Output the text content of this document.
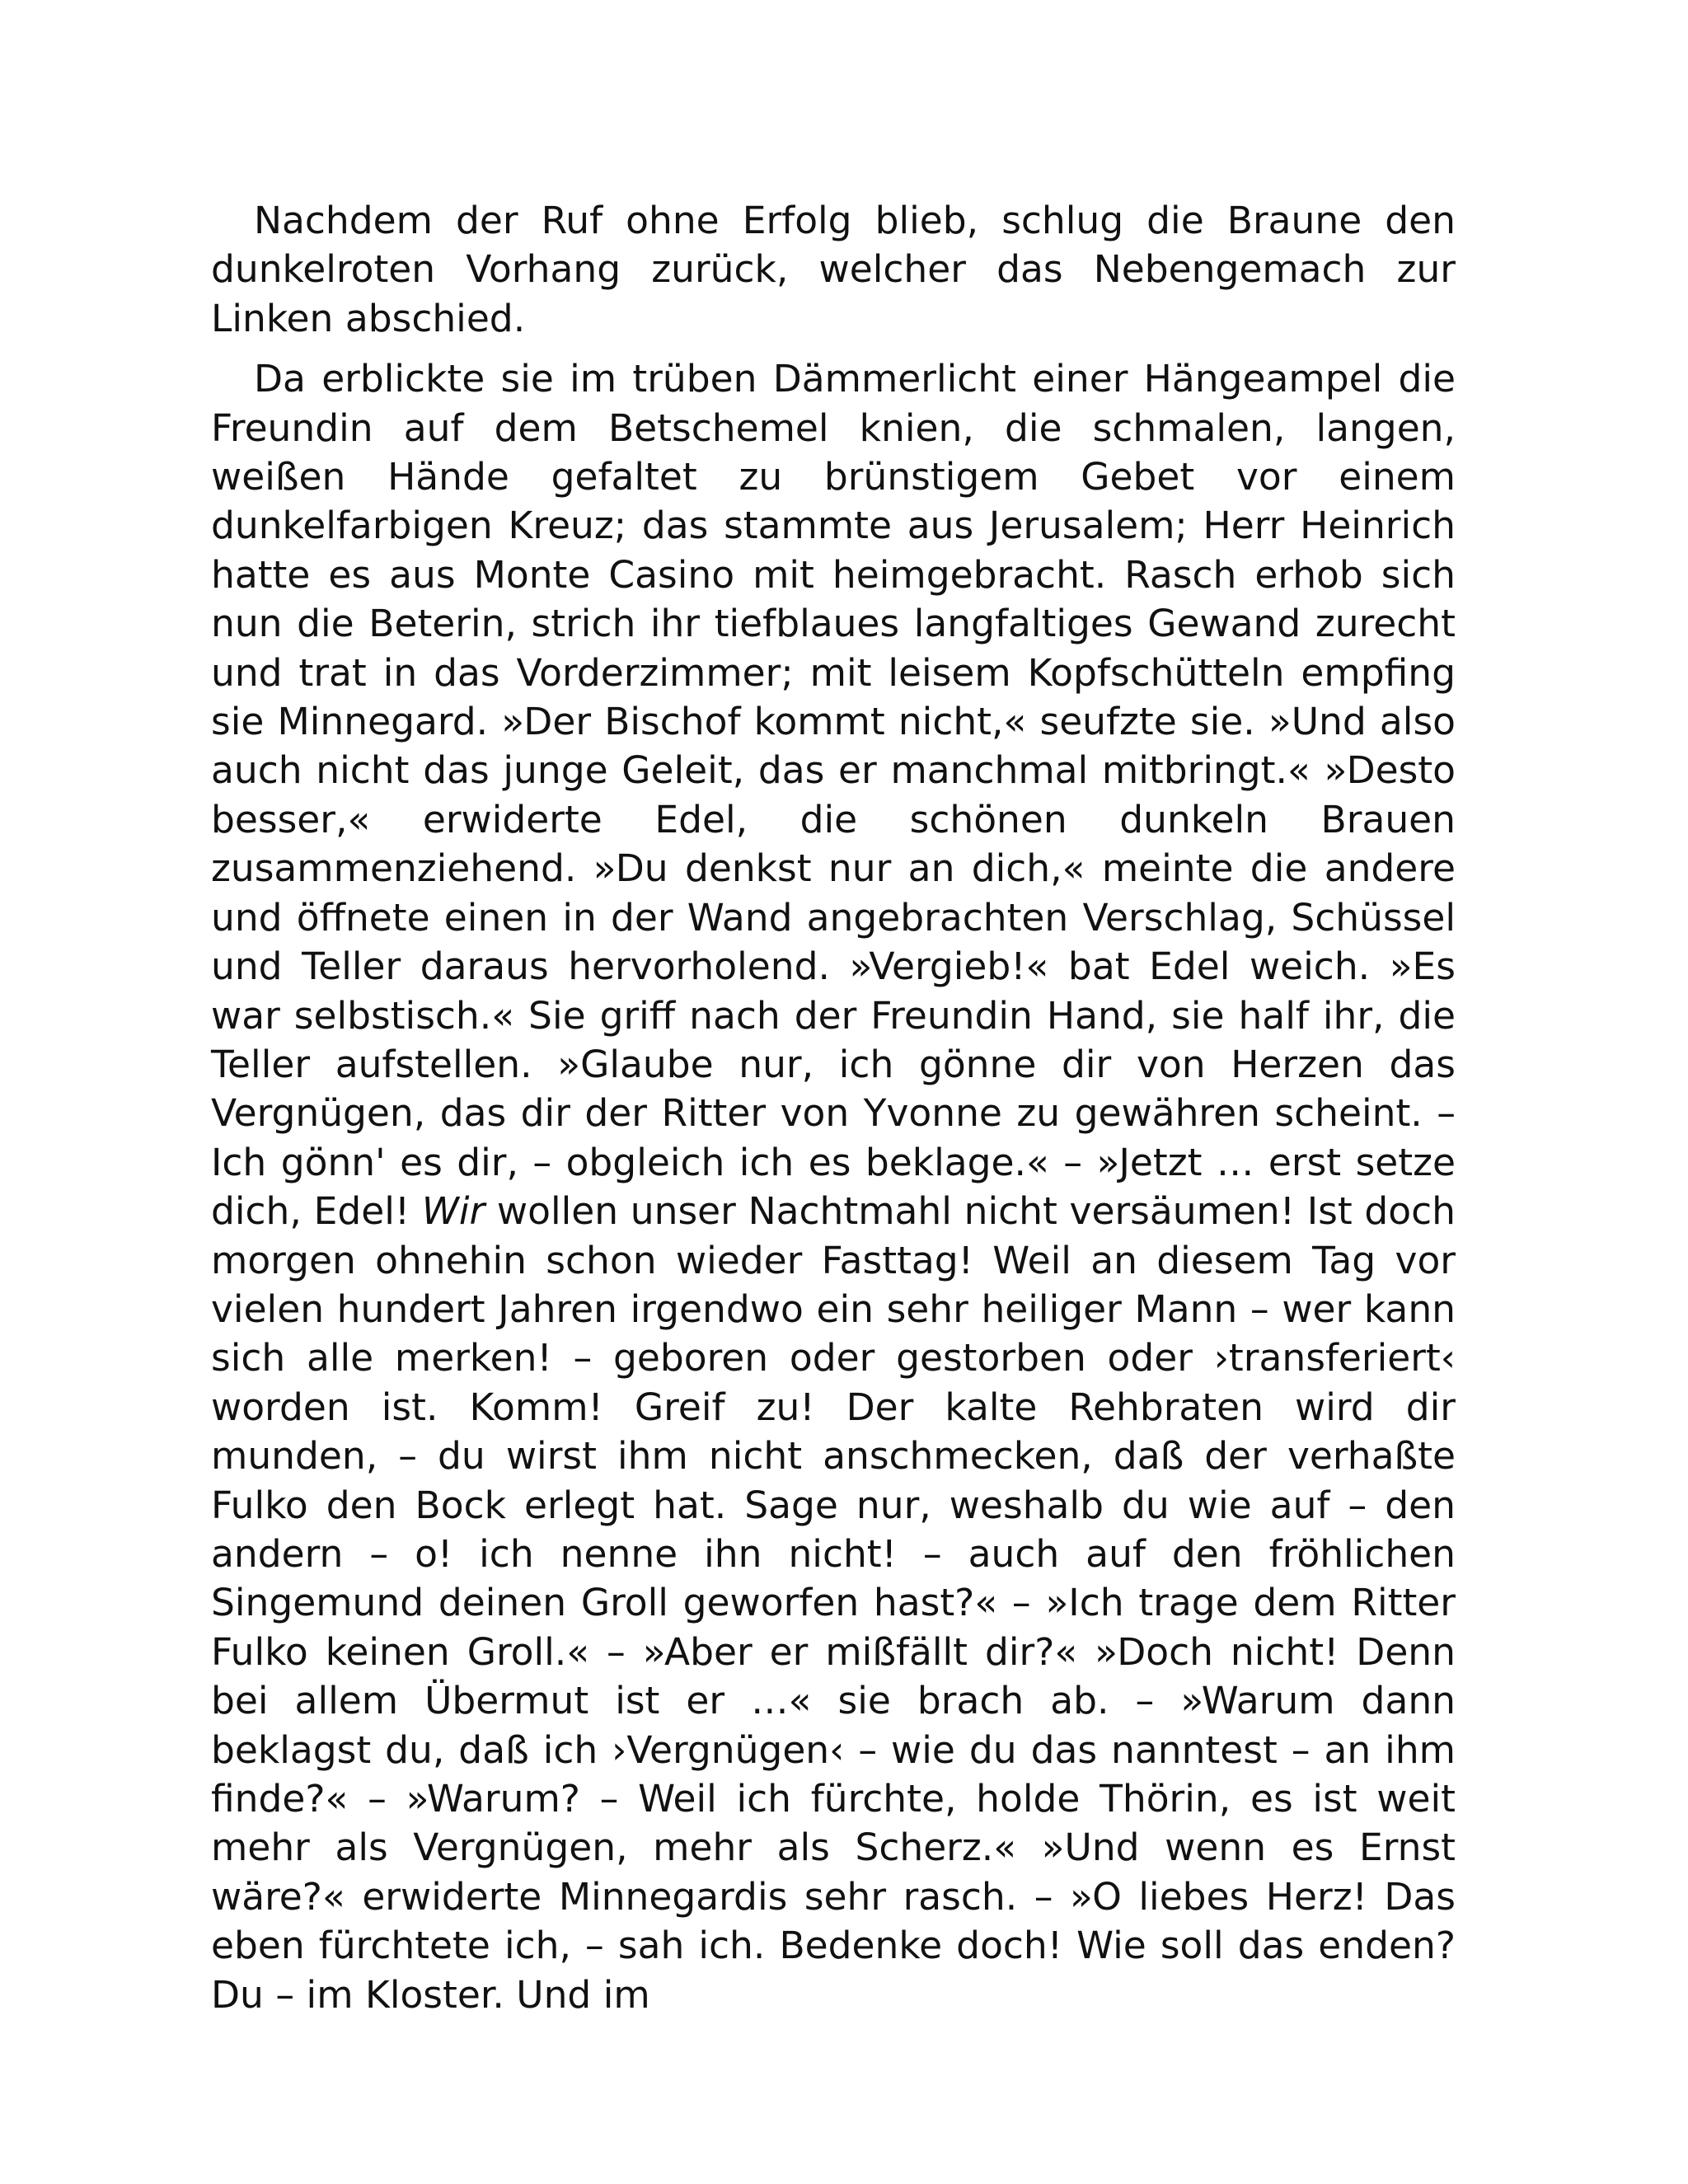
Nachdem der Ruf ohne Erfolg blieb, schlug die Braune den dunkelroten Vorhang zurück, welcher das Nebengemach zur Linken abschied.

Da erblickte sie im trüben Dämmerlicht einer Hängeampel die Freundin auf dem Betschemel knien, die schmalen, langen, weißen Hände gefaltet zu brünstigem Gebet vor einem dunkelfarbigen Kreuz; das stammte aus Jerusalem; Herr Heinrich hatte es aus Monte Casino mit heimgebracht. Rasch erhob sich nun die Beterin, strich ihr tiefblaues langfaltiges Gewand zurecht und trat in das Vorderzimmer; mit leisem Kopfschütteln empfing sie Minnegard. »Der Bischof kommt nicht,« seufzte sie. »Und also auch nicht das junge Geleit, das er manchmal mitbringt.« »Desto besser,« erwiderte Edel, die schönen dunkeln Brauen zusammenziehend. »Du denkst nur an dich,« meinte die andere und öffnete einen in der Wand angebrachten Verschlag, Schüssel und Teller daraus hervorholend. »Vergieb!« bat Edel weich. »Es war selbstisch.« Sie griff nach der Freundin Hand, sie half ihr, die Teller aufstellen. »Glaube nur, ich gönne dir von Herzen das Vergnügen, das dir der Ritter von Yvonne zu gewähren scheint. – Ich gönn' es dir, – obgleich ich es beklage.« – »Jetzt … erst setze dich, Edel! Wir wollen unser Nachtmahl nicht versäumen! Ist doch morgen ohnehin schon wieder Fasttag! Weil an diesem Tag vor vielen hundert Jahren irgendwo ein sehr heiliger Mann – wer kann sich alle merken! – geboren oder gestorben oder ›transferiert‹ worden ist. Komm! Greif zu! Der kalte Rehbraten wird dir munden, – du wirst ihm nicht anschmecken, daß der verhaßte Fulko den Bock erlegt hat. Sage nur, weshalb du wie auf – den andern – o! ich nenne ihn nicht! – auch auf den fröhlichen Singemund deinen Groll geworfen hast?« – »Ich trage dem Ritter Fulko keinen Groll.« – »Aber er mißfällt dir?« »Doch nicht! Denn bei allem Übermut ist er …« sie brach ab. – »Warum dann beklagst du, daß ich ›Vergnügen‹ – wie du das nanntest – an ihm finde?« – »Warum? – Weil ich fürchte, holde Thörin, es ist weit mehr als Vergnügen, mehr als Scherz.« »Und wenn es Ernst wäre?« erwiderte Minnegardis sehr rasch. – »O liebes Herz! Das eben fürchtete ich, – sah ich. Bedenke doch! Wie soll das enden? Du – im Kloster. Und im
